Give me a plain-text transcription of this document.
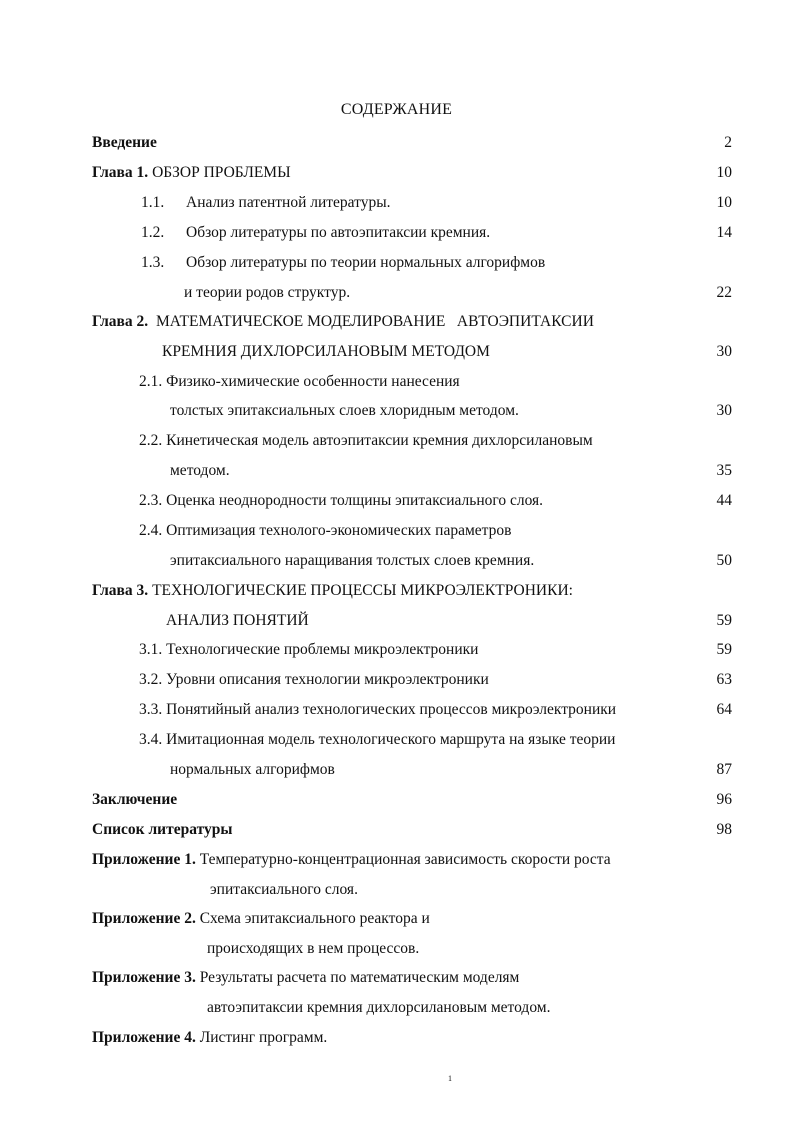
СОДЕРЖАНИЕ
Введение	2
Глава 1. ОБЗОР ПРОБЛЕМЫ	10
1.1. Анализ патентной литературы.	10
1.2. Обзор литературы по автоэпитаксии кремния.	14
1.3. Обзор литературы по теории нормальных алгорифмов
и теории родов структур.	22
Глава 2. МАТЕМАТИЧЕСКОЕ МОДЕЛИРОВАНИЕ   АВТОЭПИТАКСИИ
КРЕМНИЯ ДИХЛОРСИЛАНОВЫМ МЕТОДОМ	30
2.1. Физико-химические особенности нанесения
толстых эпитаксиальных слоев хлоридным методом.	30
2.2. Кинетическая модель автоэпитаксии кремния дихлорсилановым
методом.	35
2.3. Оценка неоднородности толщины эпитаксиального слоя.	44
2.4. Оптимизация технолого-экономических параметров
эпитаксиального наращивания толстых слоев кремния.	50
Глава 3. ТЕХНОЛОГИЧЕСКИЕ ПРОЦЕССЫ МИКРОЭЛЕКТРОНИКИ:
АНАЛИЗ ПОНЯТИЙ	59
3.1. Технологические проблемы микроэлектроники	59
3.2. Уровни описания технологии микроэлектроники	63
3.3. Понятийный анализ технологических процессов микроэлектроники	64
3.4. Имитационная модель технологического маршрута на языке теории
нормальных алгорифмов	87
Заключение	96
Список литературы	98
Приложение 1. Температурно-концентрационная зависимость скорости роста
эпитаксиального слоя.
Приложение 2. Схема эпитаксиального реактора и
происходящих в нем процессов.
Приложение 3. Результаты расчета по математическим моделям
автоэпитаксии кремния дихлорсилановым методом.
Приложение 4. Листинг программ.
1
